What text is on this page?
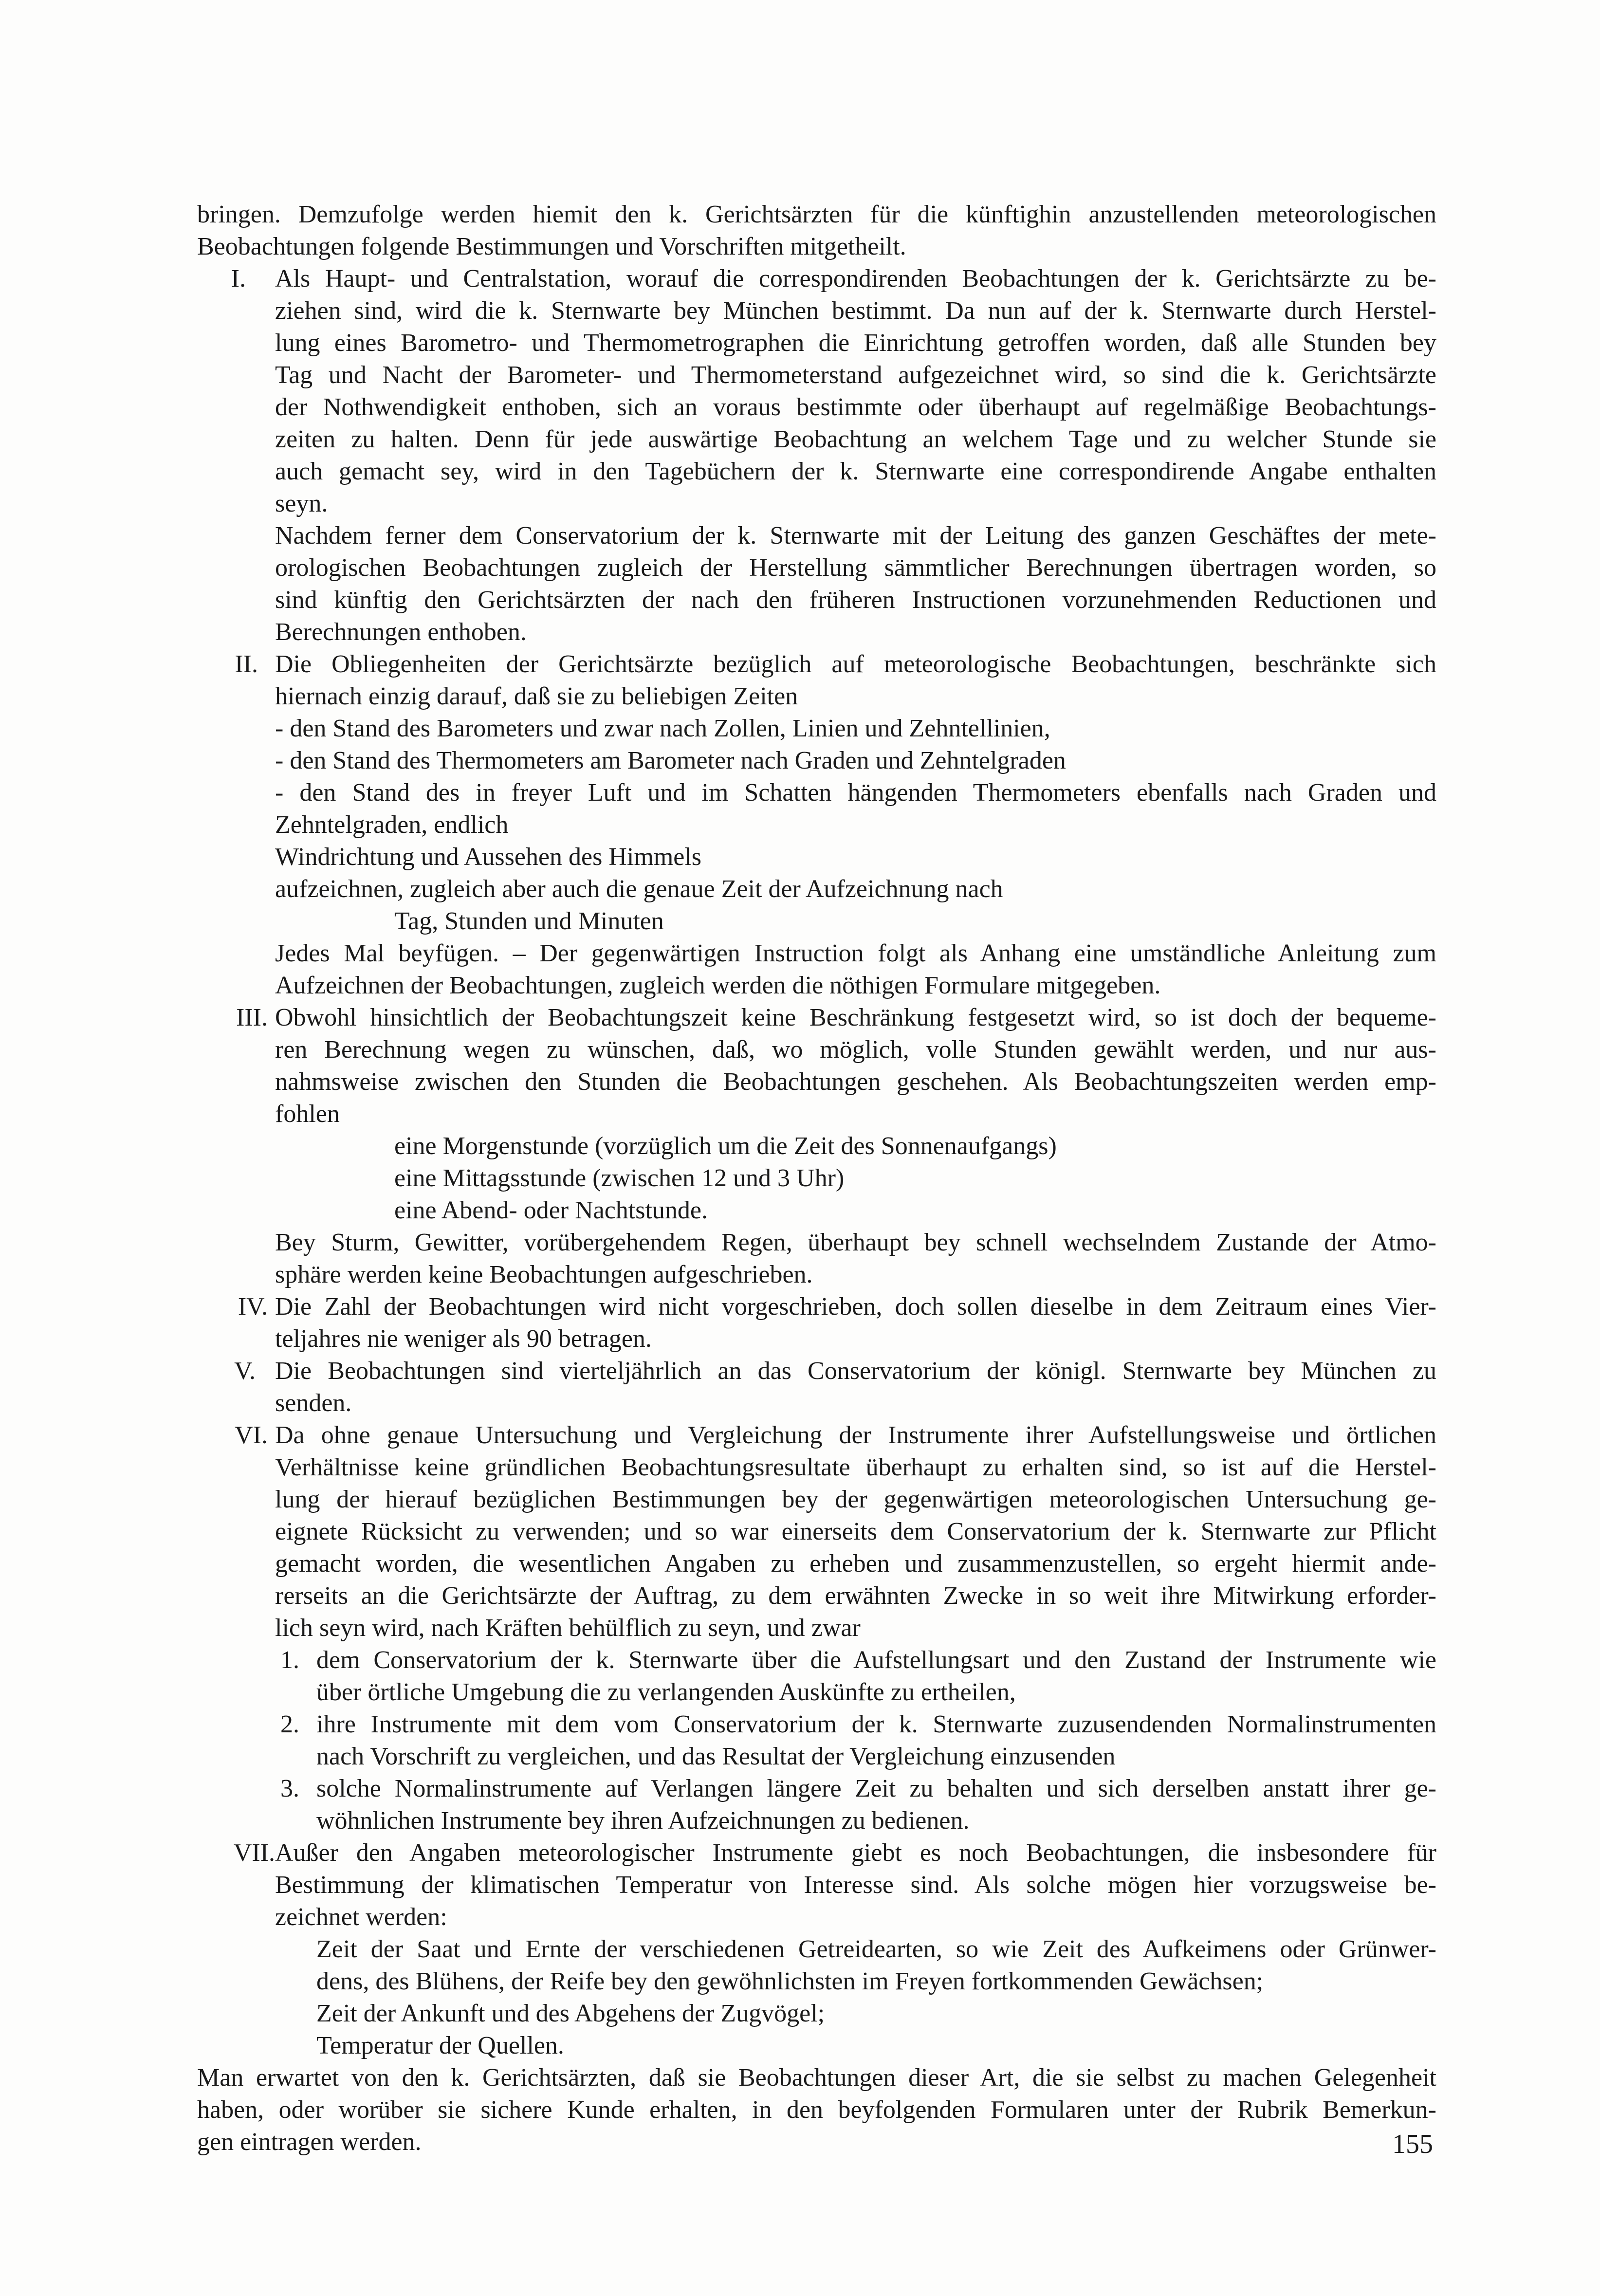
bringen. Demzufolge werden hiemit den k. Gerichtsärzten für die künftighin anzustellenden meteorologischen
Beobachtungen folgende Bestimmungen und Vorschriften mitgetheilt.
I. Als Haupt- und Centralstation, worauf die correspondirenden Beobachtungen der k. Gerichtsärzte zu be-
ziehen sind, wird die k. Sternwarte bey München bestimmt. Da nun auf der k. Sternwarte durch Herstel-
lung eines Barometro- und Thermometrographen die Einrichtung getroffen worden, daß alle Stunden bey
Tag und Nacht der Barometer- und Thermometerstand aufgezeichnet wird, so sind die k. Gerichtsärzte
der Nothwendigkeit enthoben, sich an voraus bestimmte oder überhaupt auf regelmäßige Beobachtungs-
zeiten zu halten. Denn für jede auswärtige Beobachtung an welchem Tage und zu welcher Stunde sie
auch gemacht sey, wird in den Tagebüchern der k. Sternwarte eine correspondirende Angabe enthalten
seyn.
Nachdem ferner dem Conservatorium der k. Sternwarte mit der Leitung des ganzen Geschäftes der mete-
orologischen Beobachtungen zugleich der Herstellung sämmtlicher Berechnungen übertragen worden, so
sind künftig den Gerichtsärzten der nach den früheren Instructionen vorzunehmenden Reductionen und
Berechnungen enthoben.
II. Die Obliegenheiten der Gerichtsärzte bezüglich auf meteorologische Beobachtungen, beschränkte sich
hiernach einzig darauf, daß sie zu beliebigen Zeiten
- den Stand des Barometers und zwar nach Zollen, Linien und Zehntellinien,
- den Stand des Thermometers am Barometer nach Graden und Zehntelgraden
- den Stand des in freyer Luft und im Schatten hängenden Thermometers ebenfalls nach Graden und
Zehntelgraden, endlich
Windrichtung und Aussehen des Himmels
aufzeichnen, zugleich aber auch die genaue Zeit der Aufzeichnung nach
Tag, Stunden und Minuten
Jedes Mal beyfügen. – Der gegenwärtigen Instruction folgt als Anhang eine umständliche Anleitung zum
Aufzeichnen der Beobachtungen, zugleich werden die nöthigen Formulare mitgegeben.
III. Obwohl hinsichtlich der Beobachtungszeit keine Beschränkung festgesetzt wird, so ist doch der bequeme-
ren Berechnung wegen zu wünschen, daß, wo möglich, volle Stunden gewählt werden, und nur aus-
nahmsweise zwischen den Stunden die Beobachtungen geschehen. Als Beobachtungszeiten werden emp-
fohlen
eine Morgenstunde (vorzüglich um die Zeit des Sonnenaufgangs)
eine Mittagsstunde (zwischen 12 und 3 Uhr)
eine Abend- oder Nachtstunde.
Bey Sturm, Gewitter, vorübergehendem Regen, überhaupt bey schnell wechselndem Zustande der Atmo-
sphäre werden keine Beobachtungen aufgeschrieben.
IV. Die Zahl der Beobachtungen wird nicht vorgeschrieben, doch sollen dieselbe in dem Zeitraum eines Vier-
teljahres nie weniger als 90 betragen.
V. Die Beobachtungen sind vierteljährlich an das Conservatorium der königl. Sternwarte bey München zu
senden.
VI. Da ohne genaue Untersuchung und Vergleichung der Instrumente ihrer Aufstellungsweise und örtlichen
Verhältnisse keine gründlichen Beobachtungsresultate überhaupt zu erhalten sind, so ist auf die Herstel-
lung der hierauf bezüglichen Bestimmungen bey der gegenwärtigen meteorologischen Untersuchung ge-
eignete Rücksicht zu verwenden; und so war einerseits dem Conservatorium der k. Sternwarte zur Pflicht
gemacht worden, die wesentlichen Angaben zu erheben und zusammenzustellen, so ergeht hiermit ande-
rerseits an die Gerichtsärzte der Auftrag, zu dem erwähnten Zwecke in so weit ihre Mitwirkung erforder-
lich seyn wird, nach Kräften behülflich zu seyn, und zwar
1. dem Conservatorium der k. Sternwarte über die Aufstellungsart und den Zustand der Instrumente wie
über örtliche Umgebung die zu verlangenden Auskünfte zu ertheilen,
2. ihre Instrumente mit dem vom Conservatorium der k. Sternwarte zuzusendenden Normalinstrumenten
nach Vorschrift zu vergleichen, und das Resultat der Vergleichung einzusenden
3. solche Normalinstrumente auf Verlangen längere Zeit zu behalten und sich derselben anstatt ihrer ge-
wöhnlichen Instrumente bey ihren Aufzeichnungen zu bedienen.
VII. Außer den Angaben meteorologischer Instrumente giebt es noch Beobachtungen, die insbesondere für
Bestimmung der klimatischen Temperatur von Interesse sind. Als solche mögen hier vorzugsweise be-
zeichnet werden:
Zeit der Saat und Ernte der verschiedenen Getreidearten, so wie Zeit des Aufkeimens oder Grünwer-
dens, des Blühens, der Reife bey den gewöhnlichsten im Freyen fortkommenden Gewächsen;
Zeit der Ankunft und des Abgehens der Zugvögel;
Temperatur der Quellen.
Man erwartet von den k. Gerichtsärzten, daß sie Beobachtungen dieser Art, die sie selbst zu machen Gelegenheit
haben, oder worüber sie sichere Kunde erhalten, in den beyfolgenden Formularen unter der Rubrik Bemerkun-
gen eintragen werden.	155
